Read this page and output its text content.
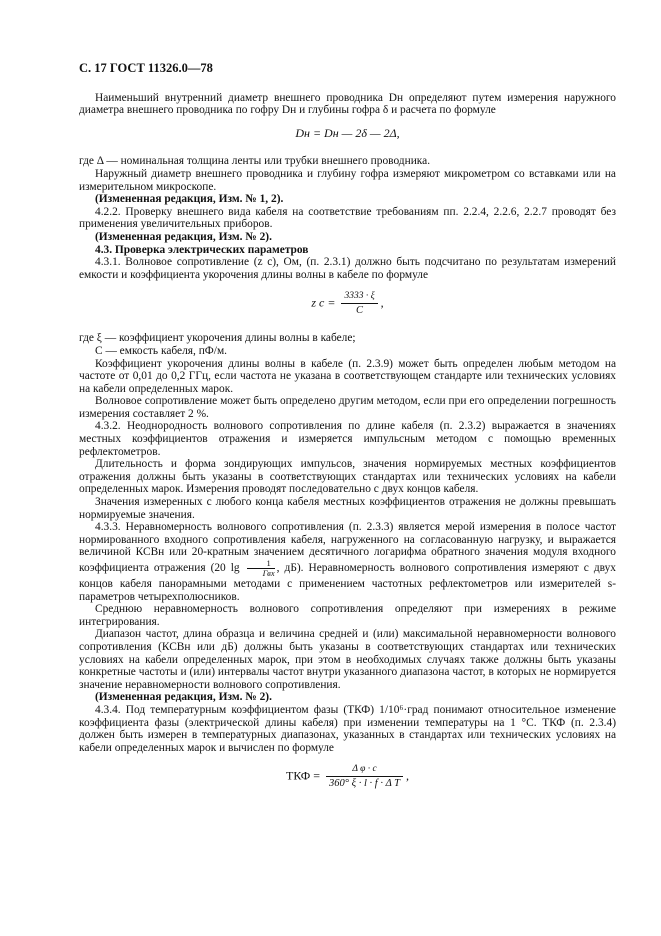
С. 17 ГОСТ 11326.0—78

Наименьший внутренний диаметр внешнего проводника Dн определяют путем измерения наружного диаметра внешнего проводника по гофру Dн и глубины гофра δ и расчета по формуле

Dн = Dн — 2δ — 2Δ,

где Δ — номинальная толщина ленты или трубки внешнего проводника.

Наружный диаметр внешнего проводника и глубину гофра измеряют микрометром со вставками или на измерительном микроскопе.

(Измененная редакция, Изм. № 1, 2).

4.2.2. Проверку внешнего вида кабеля на соответствие требованиям пп. 2.2.4, 2.2.6, 2.2.7 проводят без применения увеличительных приборов.

(Измененная редакция, Изм. № 2).

4.3. Проверка электрических параметров

4.3.1. Волновое сопротивление (z с), Ом, (п. 2.3.1) должно быть подсчитано по результатам измерений емкости и коэффициента укорочения длины волны в кабеле по формуле

z $с = \frac{3333 \cdot \xi}{C}$ ,

где ξ — коэффициент укорочения длины волны в кабеле;

C — емкость кабеля, пФ/м.

Коэффициент укорочения длины волны в кабеле (п. 2.3.9) может быть определен любым методом на частоте от 0,01 до 0,2 ГГц, если частота не указана в соответствующем стандарте или технических условиях на кабели определенных марок.

Волновое сопротивление может быть определено другим методом, если при его определении погрешность измерения составляет 2 %.

4.3.2. Неоднородность волнового сопротивления по длине кабеля (п. 2.3.2) выражается в значениях местных коэффициентов отражения и измеряется импульсным методом с помощью временных рефлектометров.

Длительность и форма зондирующих импульсов, значения нормируемых местных коэффициентов отражения должны быть указаны в соответствующих стандартах или технических условиях на кабели определенных марок. Измерения проводят последовательно с двух концов кабеля.

Значения измеренных с любого конца кабеля местных коэффициентов отражения не должны превышать нормируемые значения.

4.3.3. Неравномерность волнового сопротивления (п. 2.3.3) является мерой измерения в полосе частот нормированного входного сопротивления кабеля, нагруженного на согласованную нагрузку, и выражается величиной КСВн или 20-кратным значением десятичного логарифма обратного значения модуля входного коэффициента отражения (20 lg	1
Гвх , дБ). Неравномерность волнового сопротивления измеряют с двух концов кабеля панорамными методами с применением частотных рефлектометров или измерителей s-параметров четырехполюсников.

Среднюю неравномерность волнового сопротивления определяют при измерениях в режиме интегрирования.

Диапазон частот, длина образца и величина средней и (или) максимальной неравномерности волнового сопротивления (КСВн или дБ) должны быть указаны в соответствующих стандартах или технических условиях на кабели определенных марок, при этом в необходимых случаях также должны быть указаны конкретные частоты и (или) интервалы частот внутри указанного диапазона частот, в которых не нормируется значение неравномерности волнового сопротивления.

(Измененная редакция, Изм. № 2).

4.3.4. Под температурным коэффициентом фазы (ТКФ) 1/10⁶·град понимают относительное изменение коэффициента фазы (электрической длины кабеля) при изменении температуры на 1 °С. ТКФ (п. 2.3.4) должен быть измерен в температурных диапазонах, указанных в стандартах или технических условиях на кабели определенных марок и вычислен по формуле

ТКФ = $\frac{\text{Δ φ · c}}{\text{360° ξ · l · f · Δ T}}$ ,
